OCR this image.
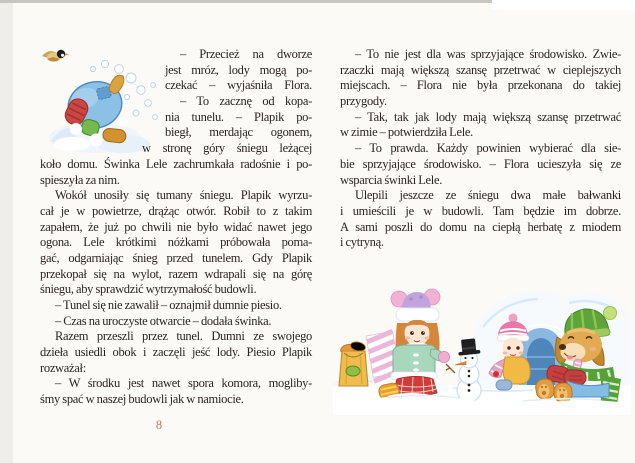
– Przecież na dworze
jest mróz, lody mogą po-
czekać – wyjaśniła Flora.
– To zacznę od kopa-
nia tunelu. – Plapik po-
biegł, merdając ogonem,
w stronę góry śniegu leżącej
koło domu. Świnka Lele zachrumkała radośnie i po-
spieszyła za nim.
Wokół unosiły się tumany śniegu. Plapik wyrzu-
cał je w powietrze, drążąc otwór. Robił to z takim
zapałem, że już po chwili nie było widać nawet jego
ogona. Lele krótkimi nóżkami próbowała poma-
gać, odgarniając śnieg przed tunelem. Gdy Plapik
przekopał się na wylot, razem wdrapali się na górę
śniegu, aby sprawdzić wytrzymałość budowli.
– Tunel się nie zawalił – oznajmił dumnie piesio.
– Czas na uroczyste otwarcie – dodała świnka.
Razem przeszli przez tunel. Dumni ze swojego
dzieła usiedli obok i zaczęli jeść lody. Piesio Plapik
rozważał:
– W środku jest nawet spora komora, mogliby-
śmy spać w naszej budowli jak w namiocie.
8
– To nie jest dla was sprzyjające środowisko. Zwie-
rzaczki mają większą szansę przetrwać w cieplejszych
miejscach. – Flora nie była przekonana do takiej
przygody.
– Tak, tak jak lody mają większą szansę przetrwać
w zimie – potwierdziła Lele.
– To prawda. Każdy powinien wybierać dla sie-
bie sprzyjające środowisko. – Flora ucieszyła się ze
wsparcia świnki Lele.
Ulepili jeszcze ze śniegu dwa małe bałwanki
i umieścili je w budowli. Tam będzie im dobrze.
A sami poszli do domu na ciepłą herbatę z miodem
i cytryną.
